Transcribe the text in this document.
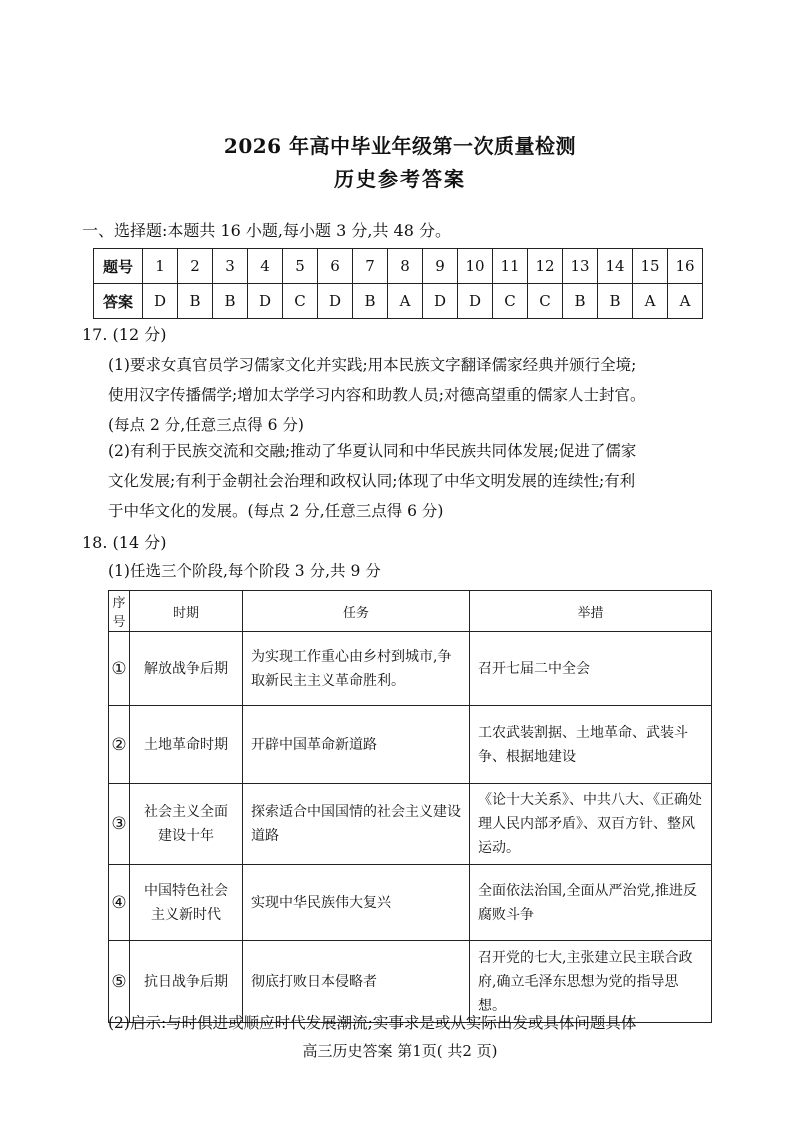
2026 年高中毕业年级第一次质量检测
历史参考答案
一、选择题:本题共 16 小题,每小题 3 分,共 48 分。
题号	1	2	3	4	5	6	7	8	9	10	11	12	13	14	15	16
答案	D	B	B	D	C	D	B	A	D	D	C	C	B	B	A	A
17. (12 分)
(1)要求女真官员学习儒家文化并实践;用本民族文字翻译儒家经典并颁行全境;
使用汉字传播儒学;增加太学学习内容和助教人员;对德高望重的儒家人士封官。
(每点 2 分,任意三点得 6 分)
(2)有利于民族交流和交融;推动了华夏认同和中华民族共同体发展;促进了儒家
文化发展;有利于金朝社会治理和政权认同;体现了中华文明发展的连续性;有利
于中华文化的发展。(每点 2 分,任意三点得 6 分)
18. (14 分)
(1)任选三个阶段,每个阶段 3 分,共 9 分
序号	时期	任务	举措
①	解放战争后期	为实现工作重心由乡村到城市,争取新民主主义革命胜利。	召开七届二中全会
②	土地革命时期	开辟中国革命新道路	工农武装割据、土地革命、武装斗争、根据地建设
③	社会主义全面建设十年	探索适合中国国情的社会主义建设道路	《论十大关系》、中共八大、《正确处理人民内部矛盾》、双百方针、整风运动。
④	中国特色社会主义新时代	实现中华民族伟大复兴	全面依法治国,全面从严治党,推进反腐败斗争
⑤	抗日战争后期	彻底打败日本侵略者	召开党的七大,主张建立民主联合政府,确立毛泽东思想为党的指导思想。
(2)启示:与时俱进或顺应时代发展潮流;实事求是或从实际出发或具体问题具体
高三历史答案 第1页( 共2 页)
